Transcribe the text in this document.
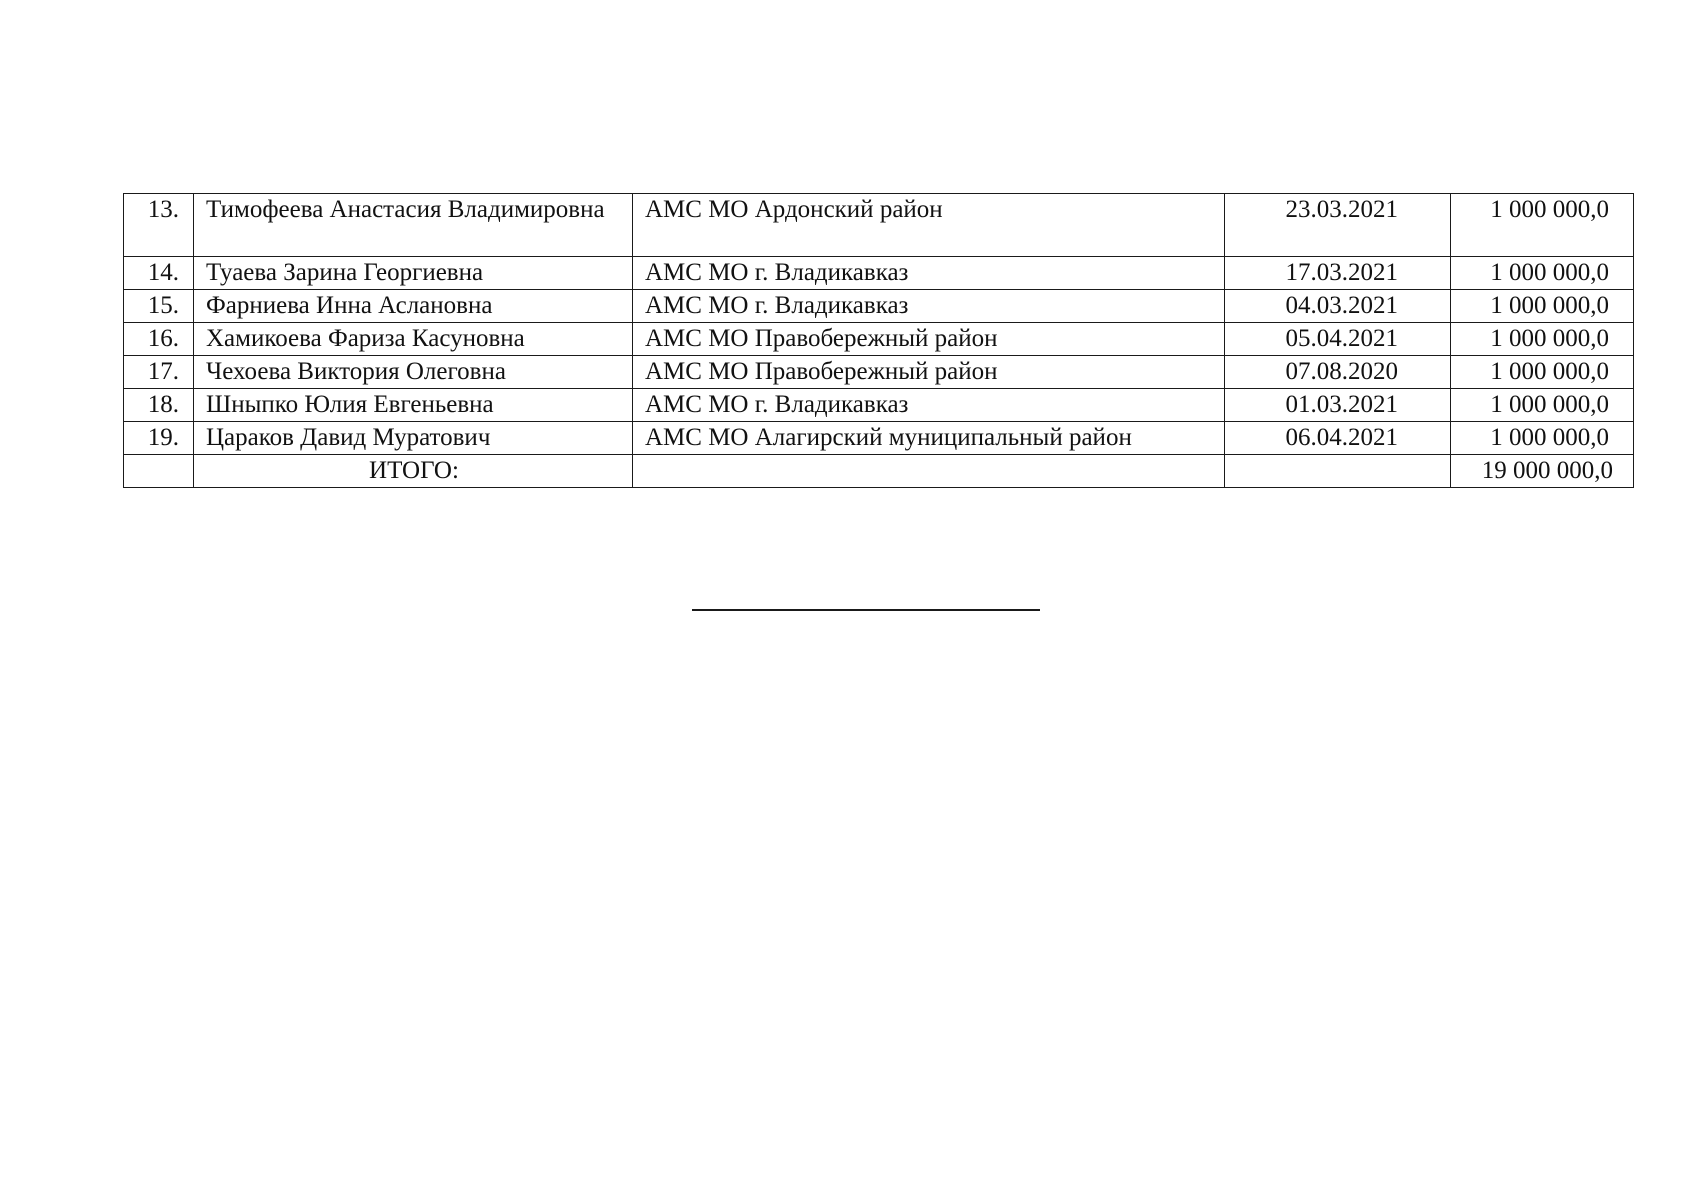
13.	Тимофеева Анастасия Владимировна	АМС МО Ардонский район	23.03.2021	1 000 000,0
14.	Туаева Зарина Георгиевна	АМС МО г. Владикавказ	17.03.2021	1 000 000,0
15.	Фарниева Инна Аслановна	АМС МО г. Владикавказ	04.03.2021	1 000 000,0
16.	Хамикоева Фариза Касуновна	АМС МО Правобережный район	05.04.2021	1 000 000,0
17.	Чехоева Виктория Олеговна	АМС МО Правобережный район	07.08.2020	1 000 000,0
18.	Шныпко Юлия Евгеньевна	АМС МО г. Владикавказ	01.03.2021	1 000 000,0
19.	Цараков Давид Муратович	АМС МО Алагирский муниципальный район	06.04.2021	1 000 000,0
	ИТОГО:			19 000 000,0
